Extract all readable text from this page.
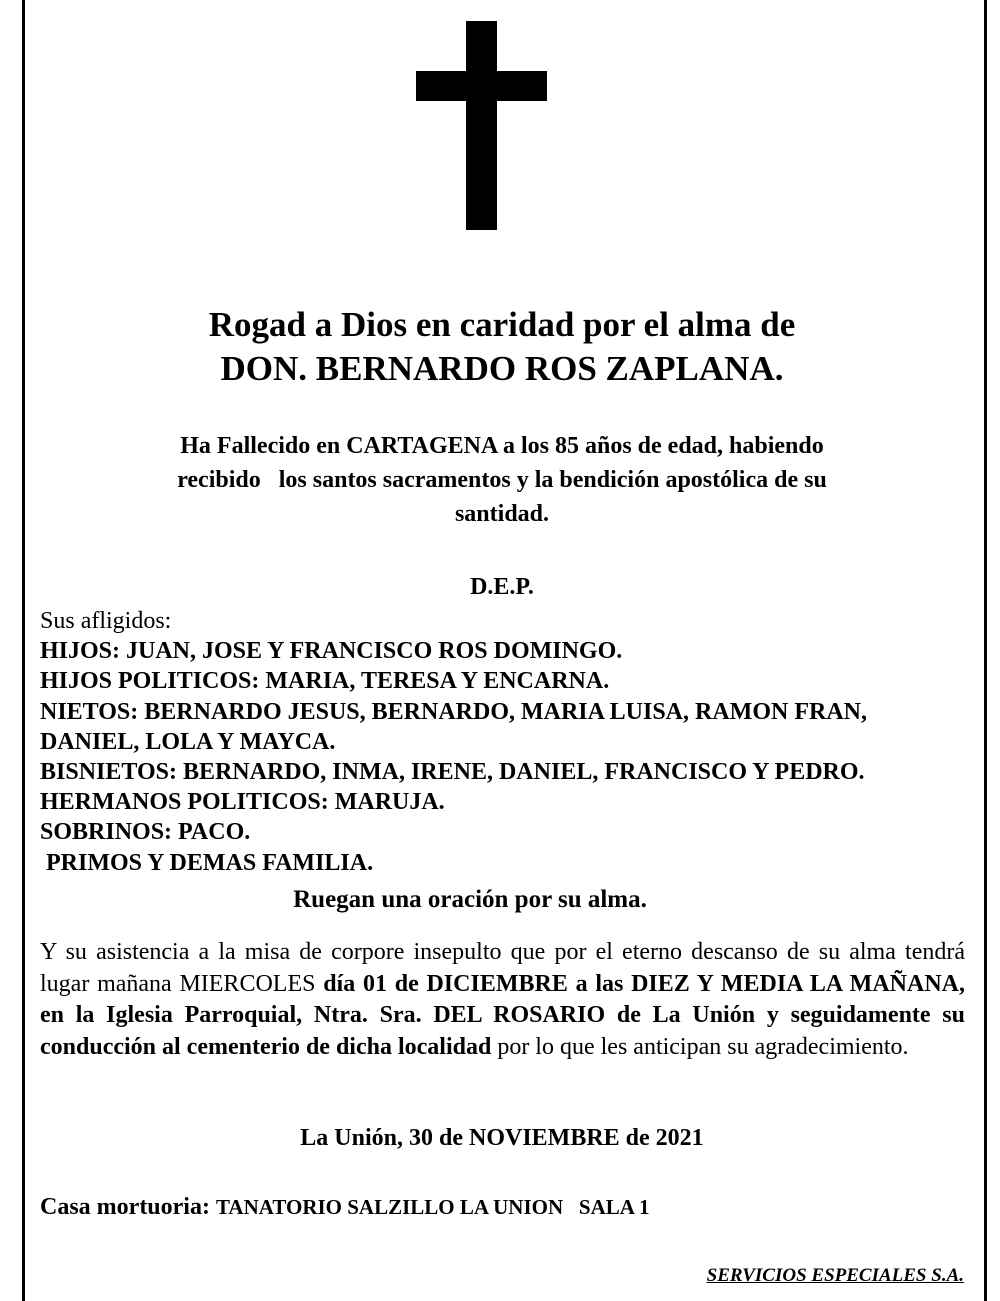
Rogad a Dios en caridad por el alma de
DON. BERNARDO ROS ZAPLANA.
Ha Fallecido en CARTAGENA a los 85 años de edad, habiendo
recibido   los santos sacramentos y la bendición apostólica de su
santidad.
D.E.P.
Sus afligidos:
HIJOS: JUAN, JOSE Y FRANCISCO ROS DOMINGO.
HIJOS POLITICOS: MARIA, TERESA Y ENCARNA.
NIETOS: BERNARDO JESUS, BERNARDO, MARIA LUISA, RAMON FRAN,
DANIEL, LOLA Y MAYCA.
BISNIETOS: BERNARDO, INMA, IRENE, DANIEL, FRANCISCO Y PEDRO.
HERMANOS POLITICOS: MARUJA.
SOBRINOS: PACO.
PRIMOS Y DEMAS FAMILIA.
Ruegan una oración por su alma.
Y su asistencia a la misa de corpore insepulto que por el eterno descanso de su alma tendrá lugar mañana MIERCOLES día 01 de DICIEMBRE a las DIEZ Y MEDIA LA MAÑANA, en la Iglesia Parroquial, Ntra. Sra. DEL ROSARIO de La Unión y seguidamente su conducción al cementerio de dicha localidad por lo que les anticipan su agradecimiento.
La Unión, 30 de NOVIEMBRE de 2021
Casa mortuoria: TANATORIO SALZILLO LA UNION   SALA 1
SERVICIOS ESPECIALES S.A.
